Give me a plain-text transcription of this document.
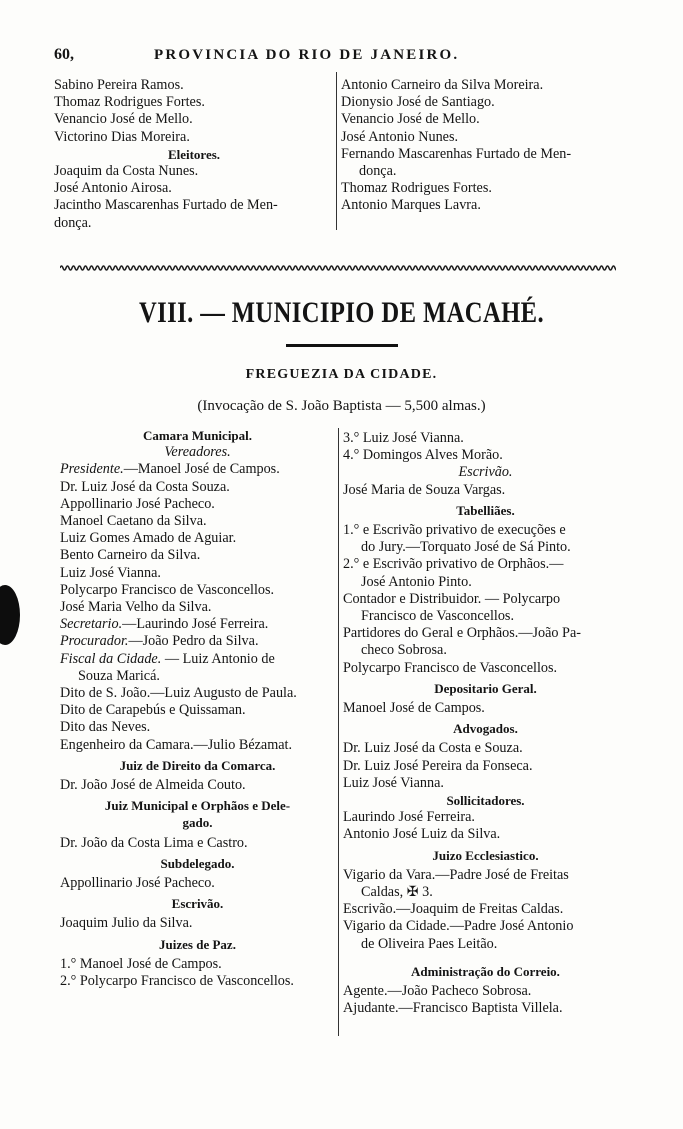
60,	PROVINCIA DO RIO DE JANEIRO.
Sabino Pereira Ramos.
Thomaz Rodrigues Fortes.
Venancio José de Mello.
Victorino Dias Moreira.
Eleitores.
Joaquim da Costa Nunes.
José Antonio Airosa.
Jacintho Mascarenhas Furtado de Men-
donça.
Antonio Carneiro da Silva Moreira.
Dionysio José de Santiago.
Venancio José de Mello.
José Antonio Nunes.
Fernando Mascarenhas Furtado de Men-
donça.
Thomaz Rodrigues Fortes.
Antonio Marques Lavra.
VIII. — MUNICIPIO DE MACAHÉ.
FREGUEZIA DA CIDADE.
(Invocação de S. João Baptista — 5,500 almas.)
Camara Municipal.
Vereadores.
Presidente.—Manoel José de Campos.
Dr. Luiz José da Costa Souza.
Appollinario José Pacheco.
Manoel Caetano da Silva.
Luiz Gomes Amado de Aguiar.
Bento Carneiro da Silva.
Luiz José Vianna.
Polycarpo Francisco de Vasconcellos.
José Maria Velho da Silva.
Secretario.—Laurindo José Ferreira.
Procurador.—João Pedro da Silva.
Fiscal da Cidade. — Luiz Antonio de
Souza Maricá.
Dito de S. João.—Luiz Augusto de Paula.
Dito de Carapebús e Quissaman.
Dito das Neves.
Engenheiro da Camara.—Julio Bézamat.
Juiz de Direito da Comarca.
Dr. João José de Almeida Couto.
Juiz Municipal e Orphãos e Dele-
gado.
Dr. João da Costa Lima e Castro.
Subdelegado.
Appollinario José Pacheco.
Escrivão.
Joaquim Julio da Silva.
Juizes de Paz.
1.° Manoel José de Campos.
2.° Polycarpo Francisco de Vasconcellos.
3.° Luiz José Vianna.
4.° Domingos Alves Morão.
Escrivão.
José Maria de Souza Vargas.
Tabelliães.
1.° e Escrivão privativo de execuções e
do Jury.—Torquato José de Sá Pinto.
2.° e Escrivão privativo de Orphãos.—
José Antonio Pinto.
Contador e Distribuidor. — Polycarpo
Francisco de Vasconcellos.
Partidores do Geral e Orphãos.—João Pa-
checo Sobrosa.
Polycarpo Francisco de Vasconcellos.
Depositario Geral.
Manoel José de Campos.
Advogados.
Dr. Luiz José da Costa e Souza.
Dr. Luiz José Pereira da Fonseca.
Luiz José Vianna.
Sollicitadores.
Laurindo José Ferreira.
Antonio José Luiz da Silva.
Juizo Ecclesiastico.
Vigario da Vara.—Padre José de Freitas
Caldas, ✠ 3.
Escrivão.—Joaquim de Freitas Caldas.
Vigario da Cidade.—Padre José Antonio
de Oliveira Paes Leitão.
Administração do Correio.
Agente.—João Pacheco Sobrosa.
Ajudante.—Francisco Baptista Villela.
